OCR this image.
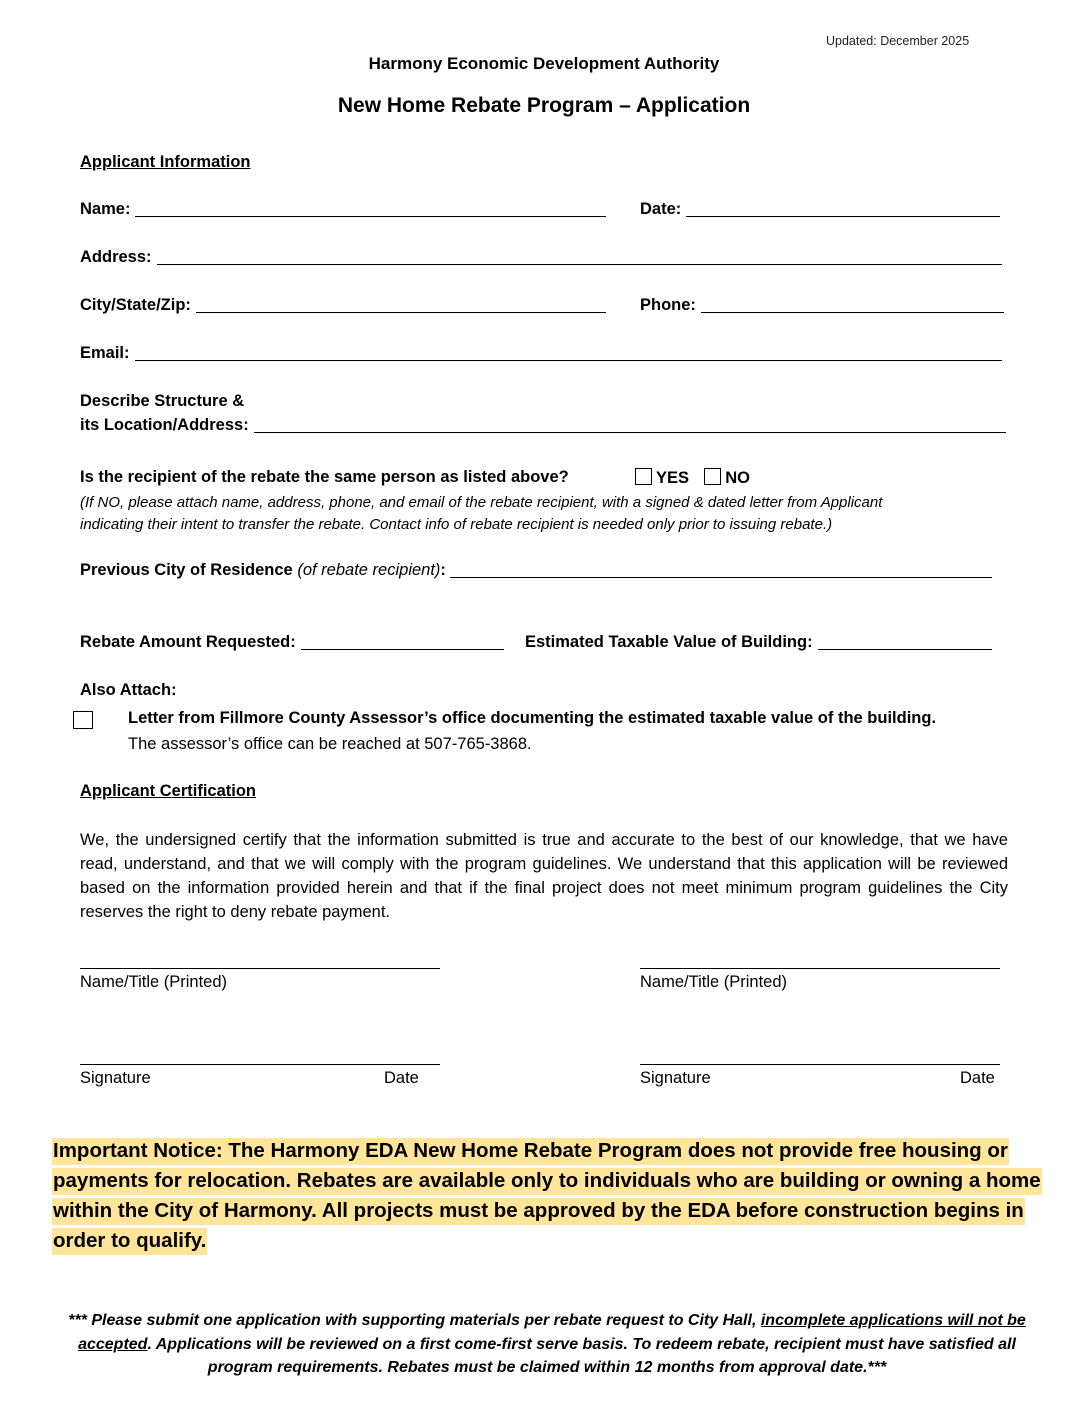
Updated: December 2025
Harmony Economic Development Authority
New Home Rebate Program – Application
Applicant Information
Name:	Date:
Address:
City/State/Zip:	Phone:
Email:
Describe Structure &
its Location/Address:
Is the recipient of the rebate the same person as listed above?	YES NO
(If NO, please attach name, address, phone, and email of the rebate recipient, with a signed & dated letter from Applicant
indicating their intent to transfer the rebate. Contact info of rebate recipient is needed only prior to issuing rebate.)
Previous City of Residence (of rebate recipient):
Rebate Amount Requested:	Estimated Taxable Value of Building:
Also Attach:
Letter from Fillmore County Assessor’s office documenting the estimated taxable value of the building.
The assessor’s office can be reached at 507-765-3868.
Applicant Certification
We, the undersigned certify that the information submitted is true and accurate to the best of our knowledge, that we have read, understand, and that we will comply with the program guidelines. We understand that this application will be reviewed based on the information provided herein and that if the final project does not meet minimum program guidelines the City reserves the right to deny rebate payment.
Name/Title (Printed)	Name/Title (Printed)
Signature	Date	Signature	Date
Important Notice: The Harmony EDA New Home Rebate Program does not provide free housing or payments for relocation. Rebates are available only to individuals who are building or owning a home within the City of Harmony. All projects must be approved by the EDA before construction begins in order to qualify.
*** Please submit one application with supporting materials per rebate request to City Hall, incomplete applications will not be accepted. Applications will be reviewed on a first come-first serve basis. To redeem rebate, recipient must have satisfied all program requirements. Rebates must be claimed within 12 months from approval date.***
